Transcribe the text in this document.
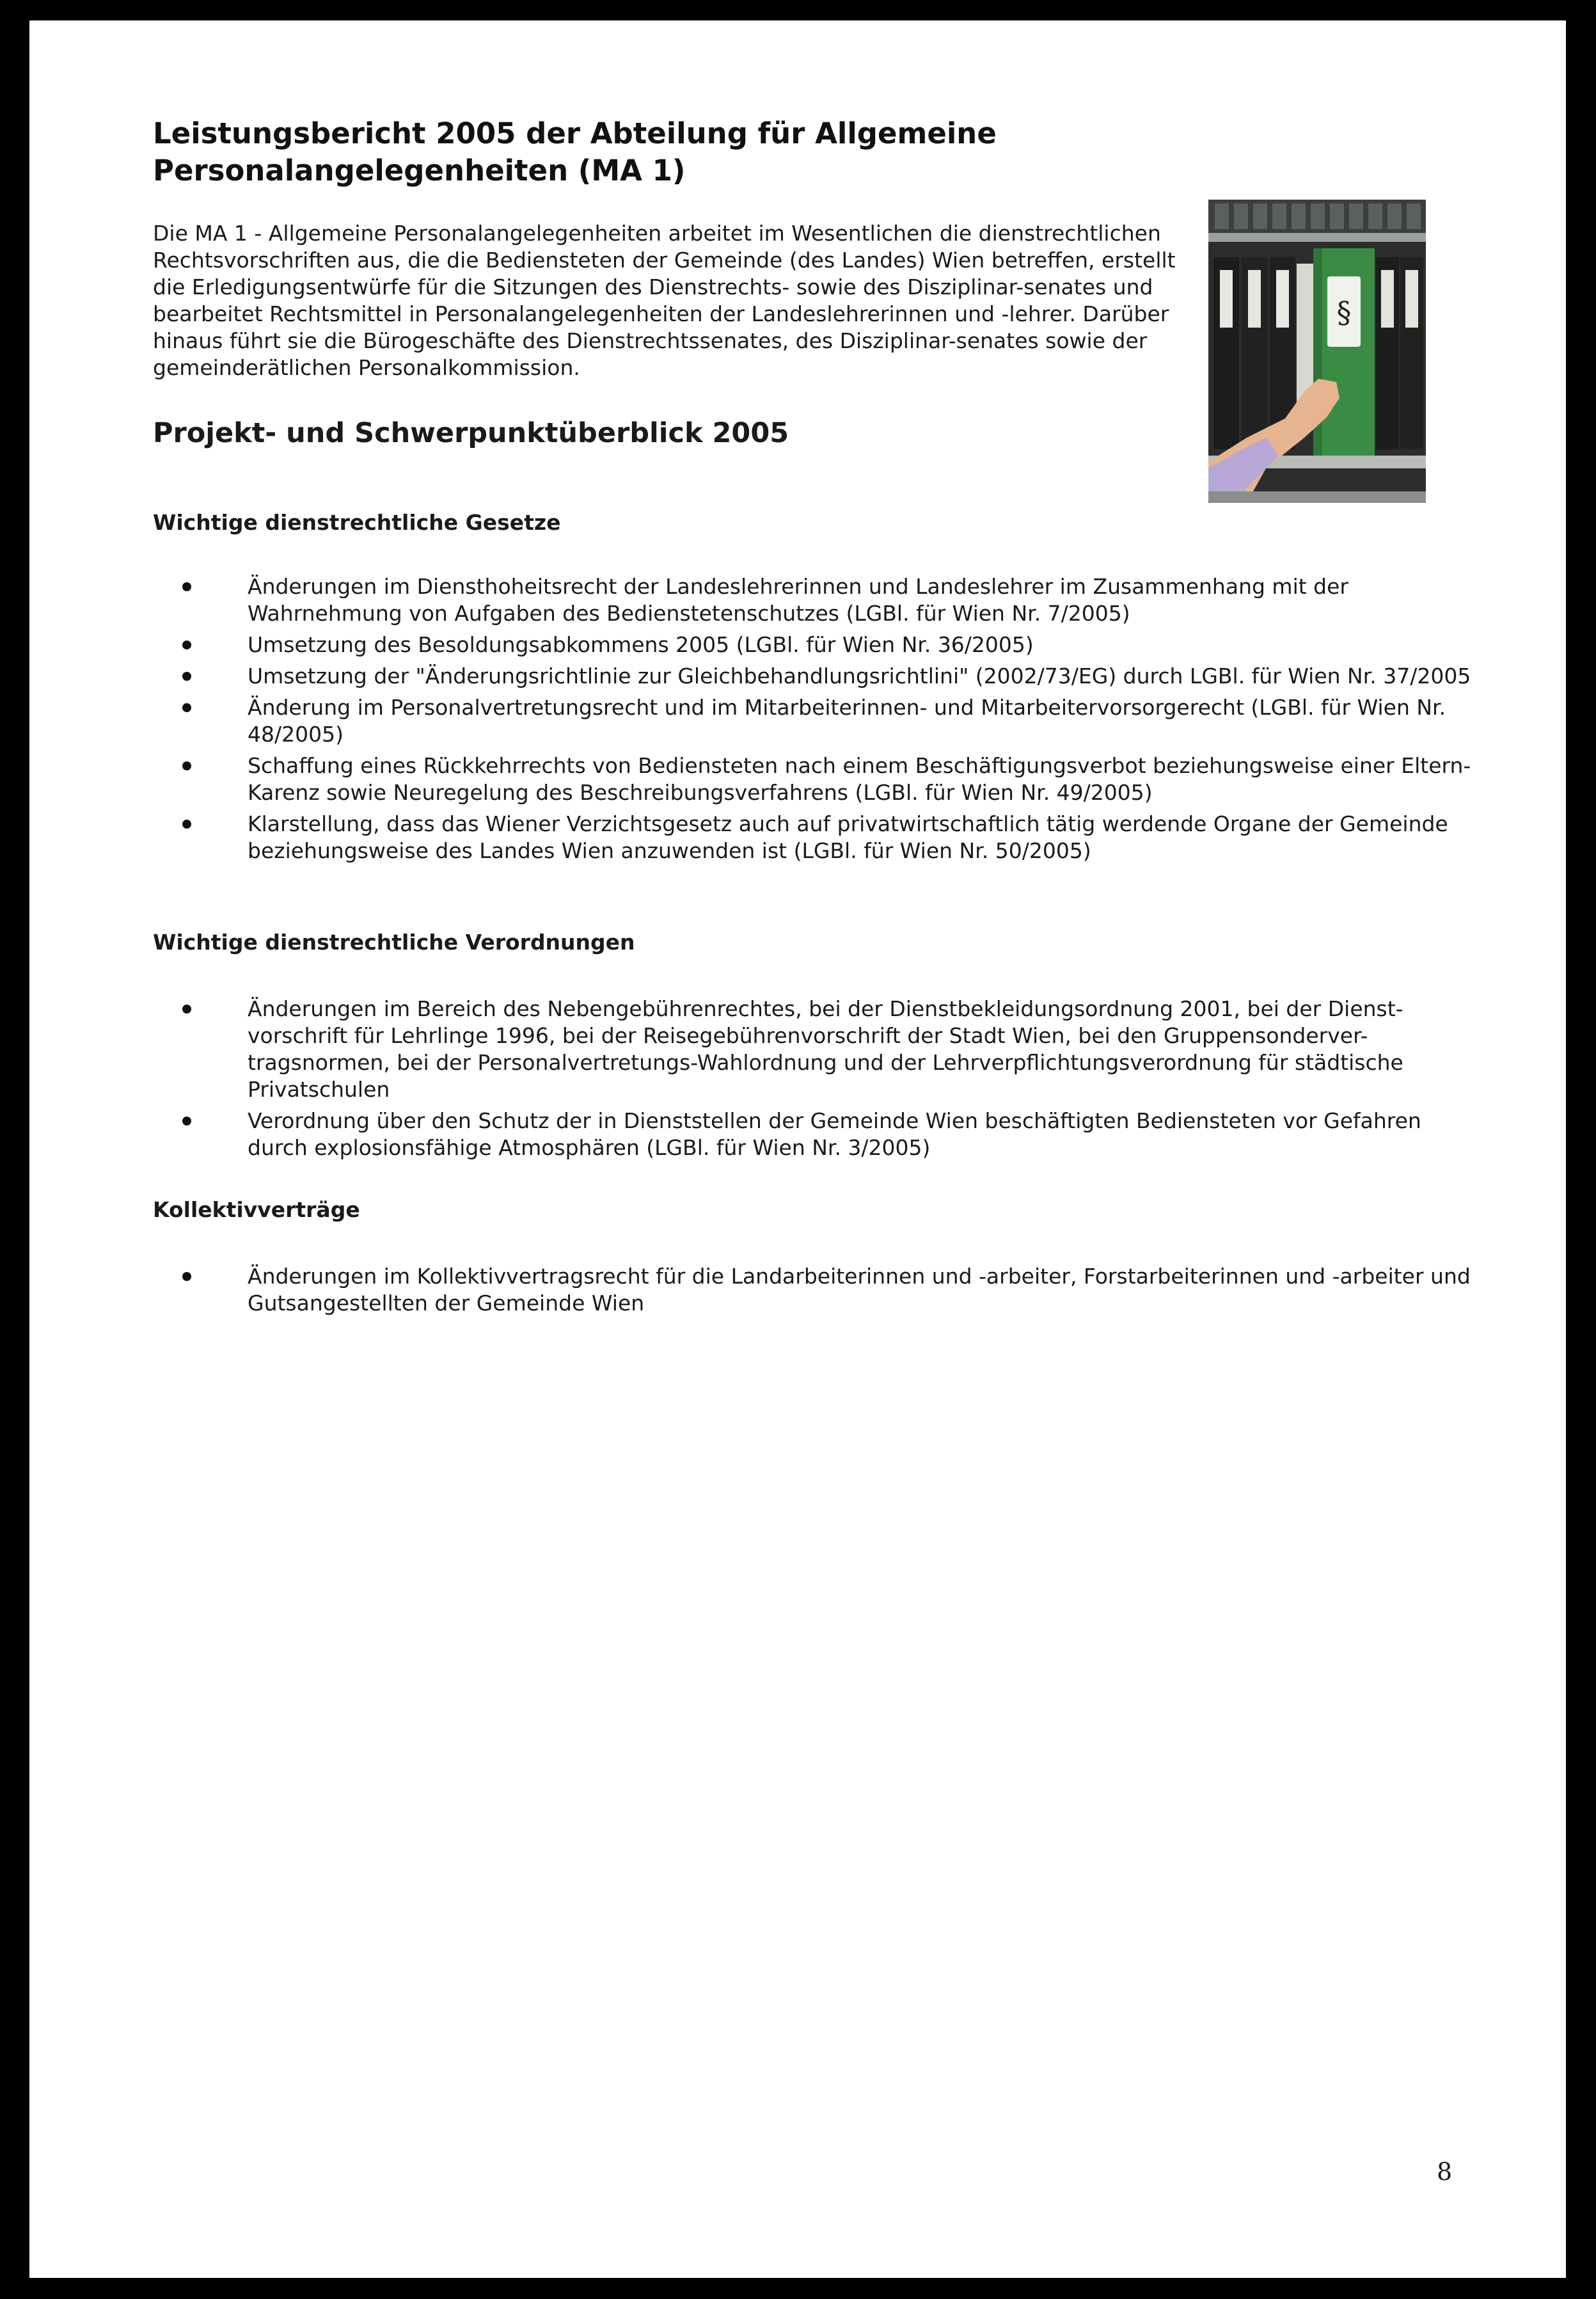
Leistungsbericht 2005 der Abteilung für Allgemeine Personalangelegenheiten (MA 1)

Die MA 1 - Allgemeine Personalangelegenheiten arbeitet im Wesentlichen die dienstrechtlichen Rechtsvorschriften aus, die die Bediensteten der Gemeinde (des Landes) Wien betreffen, erstellt die Erledigungsentwürfe für die Sitzungen des Dienstrechts- sowie des Disziplinar-senates und bearbeitet Rechtsmittel in Personalangelegenheiten der Landeslehrerinnen und -lehrer. Darüber hinaus führt sie die Bürogeschäfte des Dienstrechtssenates, des Disziplinar-senates sowie der gemeinderätlichen Personalkommission.

§
Projekt- und Schwerpunktüberblick 2005
Wichtige dienstrechtliche Gesetze
Änderungen im Diensthoheitsrecht der Landeslehrerinnen und Landeslehrer im Zusammenhang mit der Wahrnehmung von Aufgaben des Bedienstetenschutzes (LGBl. für Wien Nr. 7/2005)
Umsetzung des Besoldungsabkommens 2005 (LGBl. für Wien Nr. 36/2005)
Umsetzung der "Änderungsrichtlinie zur Gleichbehandlungsrichtlini" (2002/73/EG) durch LGBl. für Wien Nr. 37/2005
Änderung im Personalvertretungsrecht und im Mitarbeiterinnen- und Mitarbeitervorsorgerecht (LGBl. für Wien Nr. 48/2005)
Schaffung eines Rückkehrrechts von Bediensteten nach einem Beschäftigungsverbot beziehungsweise einer Eltern-Karenz sowie Neuregelung des Beschreibungsverfahrens (LGBl. für Wien Nr. 49/2005)
Klarstellung, dass das Wiener Verzichtsgesetz auch auf privatwirtschaftlich tätig werdende Organe der Gemeinde beziehungsweise des Landes Wien anzuwenden ist (LGBl. für Wien Nr. 50/2005)
Wichtige dienstrechtliche Verordnungen
Änderungen im Bereich des Nebengebührenrechtes, bei der Dienstbekleidungsordnung 2001, bei der Dienst-vorschrift für Lehrlinge 1996, bei der Reisegebührenvorschrift der Stadt Wien, bei den Gruppensonderver-tragsnormen, bei der Personalvertretungs-Wahlordnung und der Lehrverpflichtungsverordnung für städtische Privatschulen
Verordnung über den Schutz der in Dienststellen der Gemeinde Wien beschäftigten Bediensteten vor Gefahren durch explosionsfähige Atmosphären (LGBl. für Wien Nr. 3/2005)
Kollektivverträge
Änderungen im Kollektivvertragsrecht für die Landarbeiterinnen und -arbeiter, Forstarbeiterinnen und -arbeiter und Gutsangestellten der Gemeinde Wien
8
